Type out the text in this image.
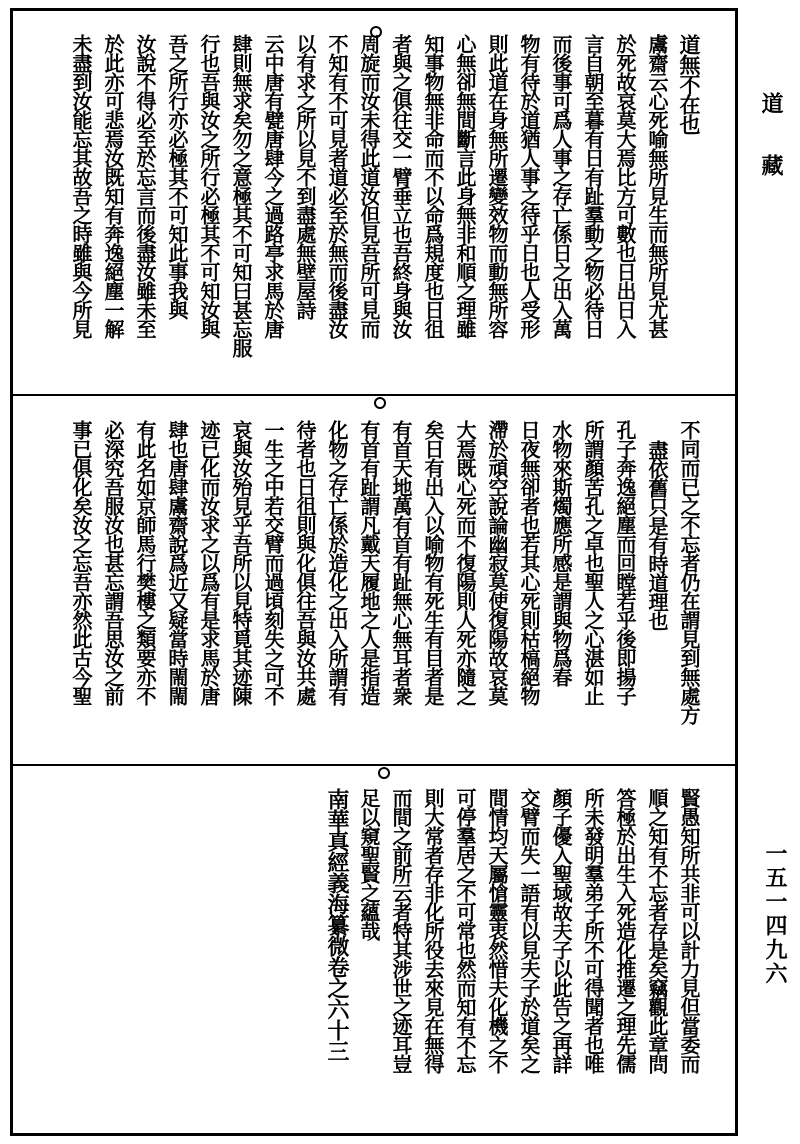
道藏
一五一四九六
道無不在也
鬳齋云心死喻無所見生而無所見尤甚
於死故哀莫大焉比方可數也日出日入
言自朝至暮有日有趾羣動之物必待日
而後事可爲人事之存亡係日之出入萬
物有待於道猶人事之待乎日也人受形
則此道在身無所遷變效物而動無所容
心無卻無間斷言此身無非和順之理雖
知事物無非命而不以命爲規度也日徂
者與之俱往交一臂垂立也吾終身與汝
周旋而汝未得此道汝但見吾所可見而
不知有不可見者道必至於無而後盡汝
以有求之所以見不到盡處無壁屋詩
云中唐有甓唐肆今之過路亭求馬於唐
肆則無求矣勿之意極其不可知曰甚忘服
行也吾與汝之所行必極其不可知汝與
吾之所行亦必極其不可知此事我與
汝說不得必至於忘言而後盡汝雖未至
於此亦可悲焉汝既知有奔逸絕塵一解
未盡到汝能忘其故吾之時雖與今所見
不同而已之不忘者仍在謂見到無處方
盡依舊只是有時道理也
孔子奔逸絕塵而回瞠若乎後即揚子
所謂顏苦孔之卓也聖人之心湛如止
水物來斯燭應所感是謂與物爲春
日夜無卻者也若其心死則枯槁絕物
滯於頑空說論幽寂莫使復陽故哀莫
大焉既心死而不復陽則人死亦隨之
矣日有出入以喻物有死生有目者是
有首天地萬有首有趾無心無耳者衆
有首有趾謂凡戴天履地之人是指造
化物之存亡係於造化之出入所謂有
待者也日徂則與化俱往吾與汝共處
一生之中若交臂而過頃刻失之可不
哀與汝殆見乎吾所以見特覓其迹陳
迹已化而汝求之以爲有是求馬於唐
肆也唐肆鬳齋說爲近又疑當時閙閙
有此名如京師馬行樊樓之類要亦不
必深究吾服汝也甚忘謂吾思汝之前
事已俱化矣汝之忘吾亦然此古今聖
賢愚知所共非可以計力見但當委而
順之知有不忘者存是矣竊觀此章問
答極於出生入死造化推遷之理先儒
所未發明羣弟子所不可得聞者也唯
顏子優入聖域故夫子以此告之再詳
交臂而失一語有以見夫子於道矣之
間情均天屬愴靈衷然惜夫化機之不
可停羣居之不可常也然而知有不忘
則大常者存非化所役去來見在無得
而間之前所云者特其涉世之迹耳豈
足以窺聖賢之蘊哉
南華真經義海纂微卷之六十三
